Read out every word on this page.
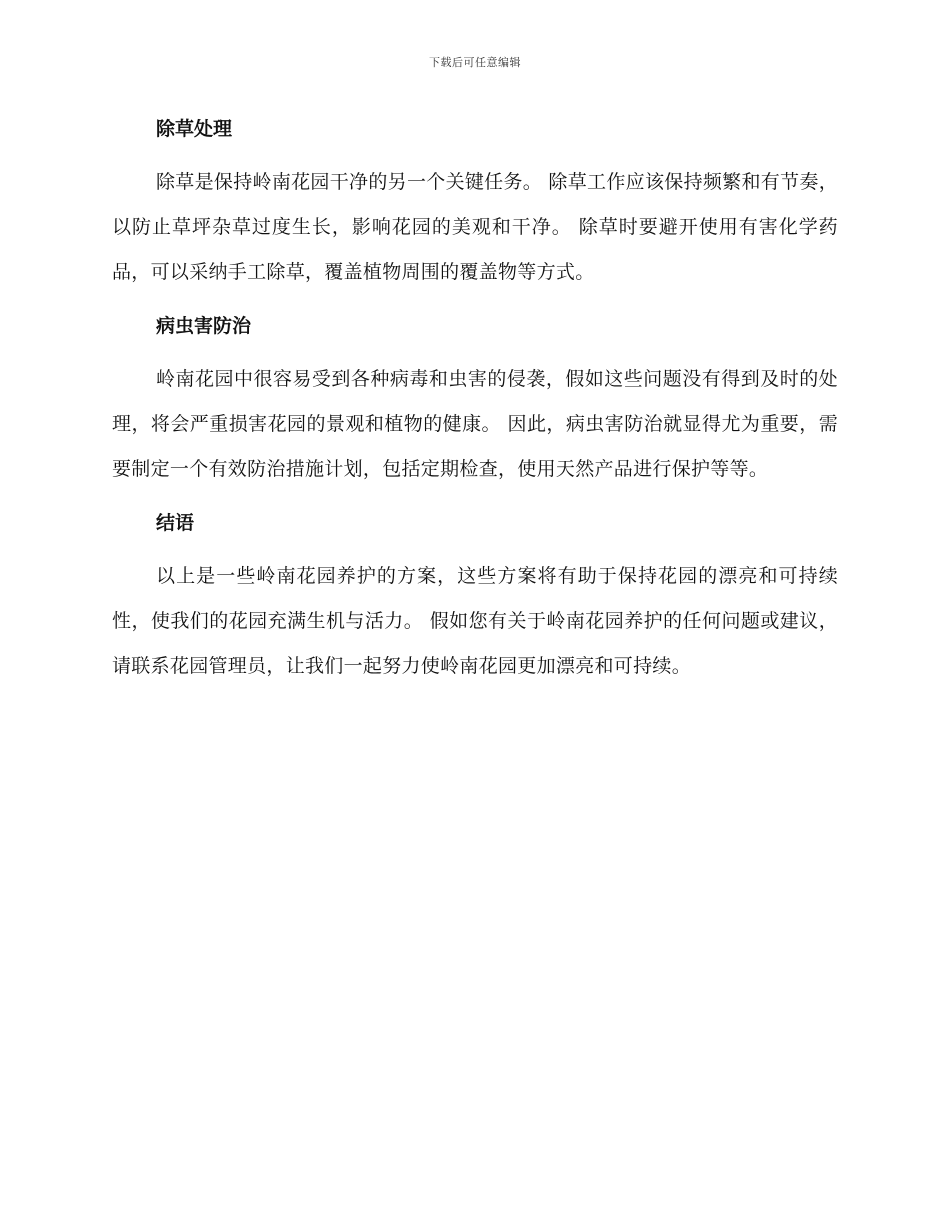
下载后可任意编辑
除草处理

除草是保持岭南花园干净的另一个关键任务。 除草工作应该保持频繁和有节奏，以防止草坪杂草过度生长，影响花园的美观和干净。 除草时要避开使用有害化学药品，可以采纳手工除草，覆盖植物周围的覆盖物等方式。

病虫害防治

岭南花园中很容易受到各种病毒和虫害的侵袭，假如这些问题没有得到及时的处理，将会严重损害花园的景观和植物的健康。 因此，病虫害防治就显得尤为重要，需要制定一个有效防治措施计划，包括定期检查，使用天然产品进行保护等等。

结语

以上是一些岭南花园养护的方案，这些方案将有助于保持花园的漂亮和可持续性，使我们的花园充满生机与活力。 假如您有关于岭南花园养护的任何问题或建议，请联系花园管理员，让我们一起努力使岭南花园更加漂亮和可持续。
